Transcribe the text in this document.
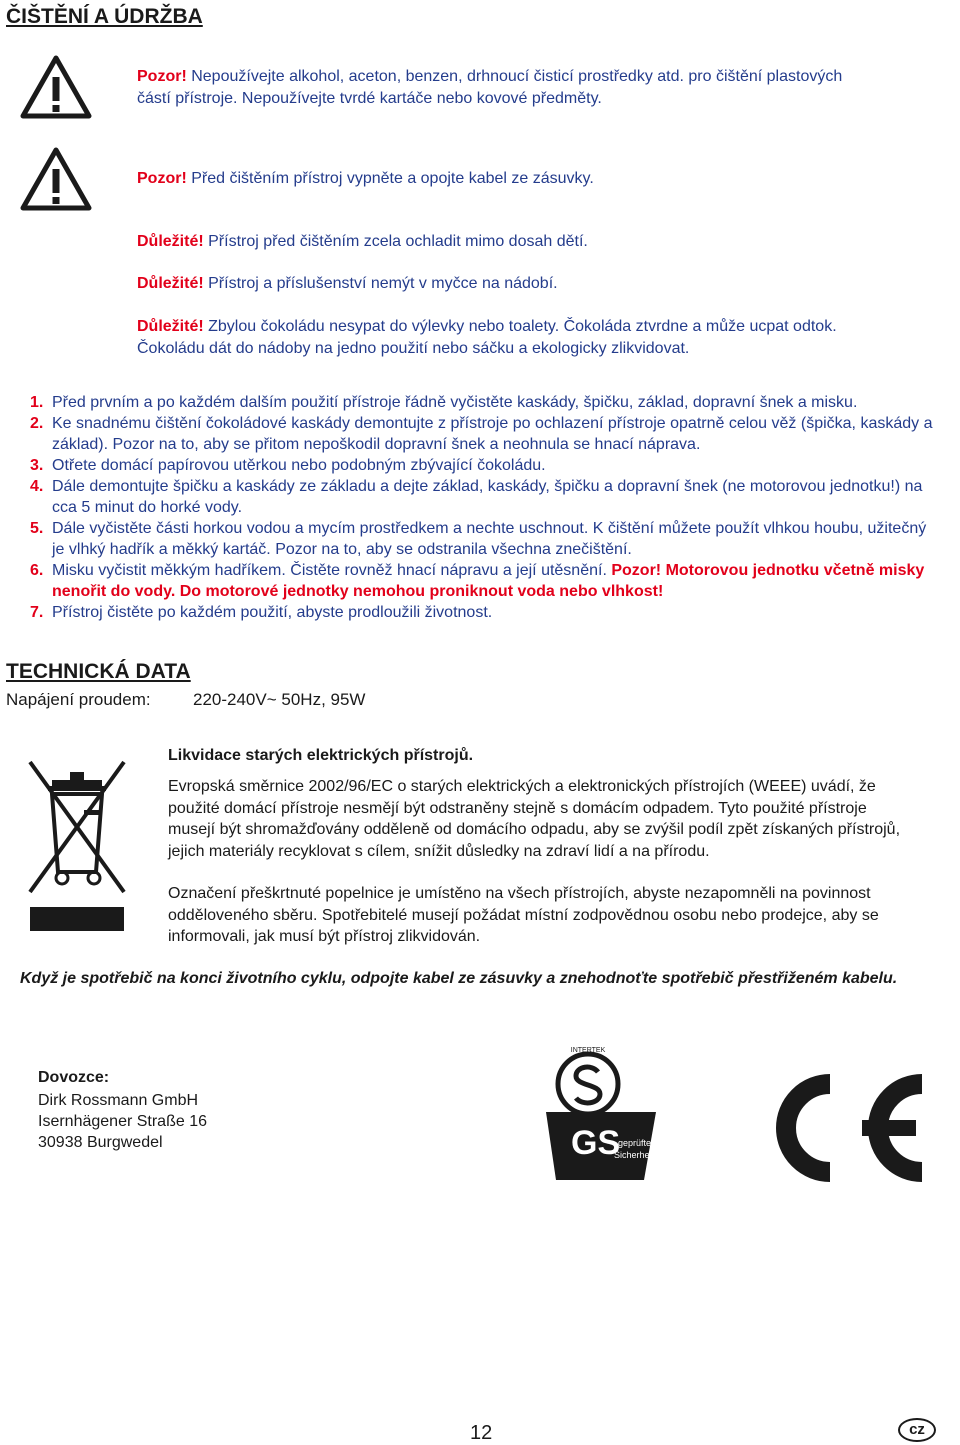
ČIŠTĚNÍ A ÚDRŽBA
Pozor! Nepoužívejte alkohol, aceton, benzen, drhnoucí čisticí prostředky atd. pro čištění plastových částí přístroje. Nepoužívejte tvrdé kartáče nebo kovové předměty.
Pozor! Před čištěním přístroj vypněte a opojte kabel ze zásuvky.
Důležité! Přístroj před čištěním zcela ochladit mimo dosah dětí.
Důležité! Přístroj a příslušenství nemýt v myčce na nádobí.
Důležité! Zbylou čokoládu nesypat do výlevky nebo toalety. Čokoláda ztvrdne a může ucpat odtok. Čokoládu dát do nádoby na jedno použití nebo sáčku a ekologicky zlikvidovat.
1. Před prvním a po každém dalším použití přístroje řádně vyčistěte kaskády, špičku, základ, dopravní šnek a misku.
2. Ke snadnému čištění čokoládové kaskády demontujte z přístroje po ochlazení přístroje opatrně celou věž (špička, kaskády a základ). Pozor na to, aby se přitom nepoškodil dopravní šnek a neohnula se hnací náprava.
3. Otřete domácí papírovou utěrkou nebo podobným zbývající čokoládu.
4. Dále demontujte špičku a kaskády ze základu a dejte základ, kaskády, špičku a dopravní šnek (ne motorovou jednotku!) na cca 5 minut do horké vody.
5. Dále vyčistěte části horkou vodou a mycím prostředkem a nechte uschnout. K čištění můžete použít vlhkou houbu, užitečný je vlhký hadřík a měkký kartáč. Pozor na to, aby se odstranila všechna znečištění.
6. Misku vyčistit měkkým hadříkem. Čistěte rovněž hnací nápravu a její utěsnění. Pozor! Motorovou jednotku včetně misky nenořit do vody. Do motorové jednotky nemohou proniknout voda nebo vlhkost!
7. Přístroj čistěte po každém použití, abyste prodloužili životnost.
TECHNICKÁ DATA
Napájení proudem: 220-240V~ 50Hz, 95W
Likvidace starých elektrických přístrojů.
Evropská směrnice 2002/96/EC o starých elektrických a elektronických přístrojích (WEEE) uvádí, že použité domácí přístroje nesmějí být odstraněny stejně s domácím odpadem. Tyto použité přístroje musejí být shromažďovány odděleně od domácího odpadu, aby se zvýšil podíl zpět získaných přístrojů, jejich materiály recyklovat s cílem, snížit důsledky na zdraví lidí a na přírodu.
Označení přeškrtnuté popelnice je umístěno na všech přístrojích, abyste nezapomněli na povinnost odděloveného sběru. Spotřebitelé musejí požádat místní zodpovědnou osobu nebo prodejce, aby se informovali, jak musí být přístroj zlikvidován.
Když je spotřebič na konci životního cyklu, odpojte kabel ze zásuvky a znehodnoťte spotřebič přestřiženém kabelu.
Dovozce:
Dirk Rossmann GmbH
Isernhägener Straße 16
30938 Burgwedel
INTERTEK
GS
geprüfte
Sicherheit
12	cz
